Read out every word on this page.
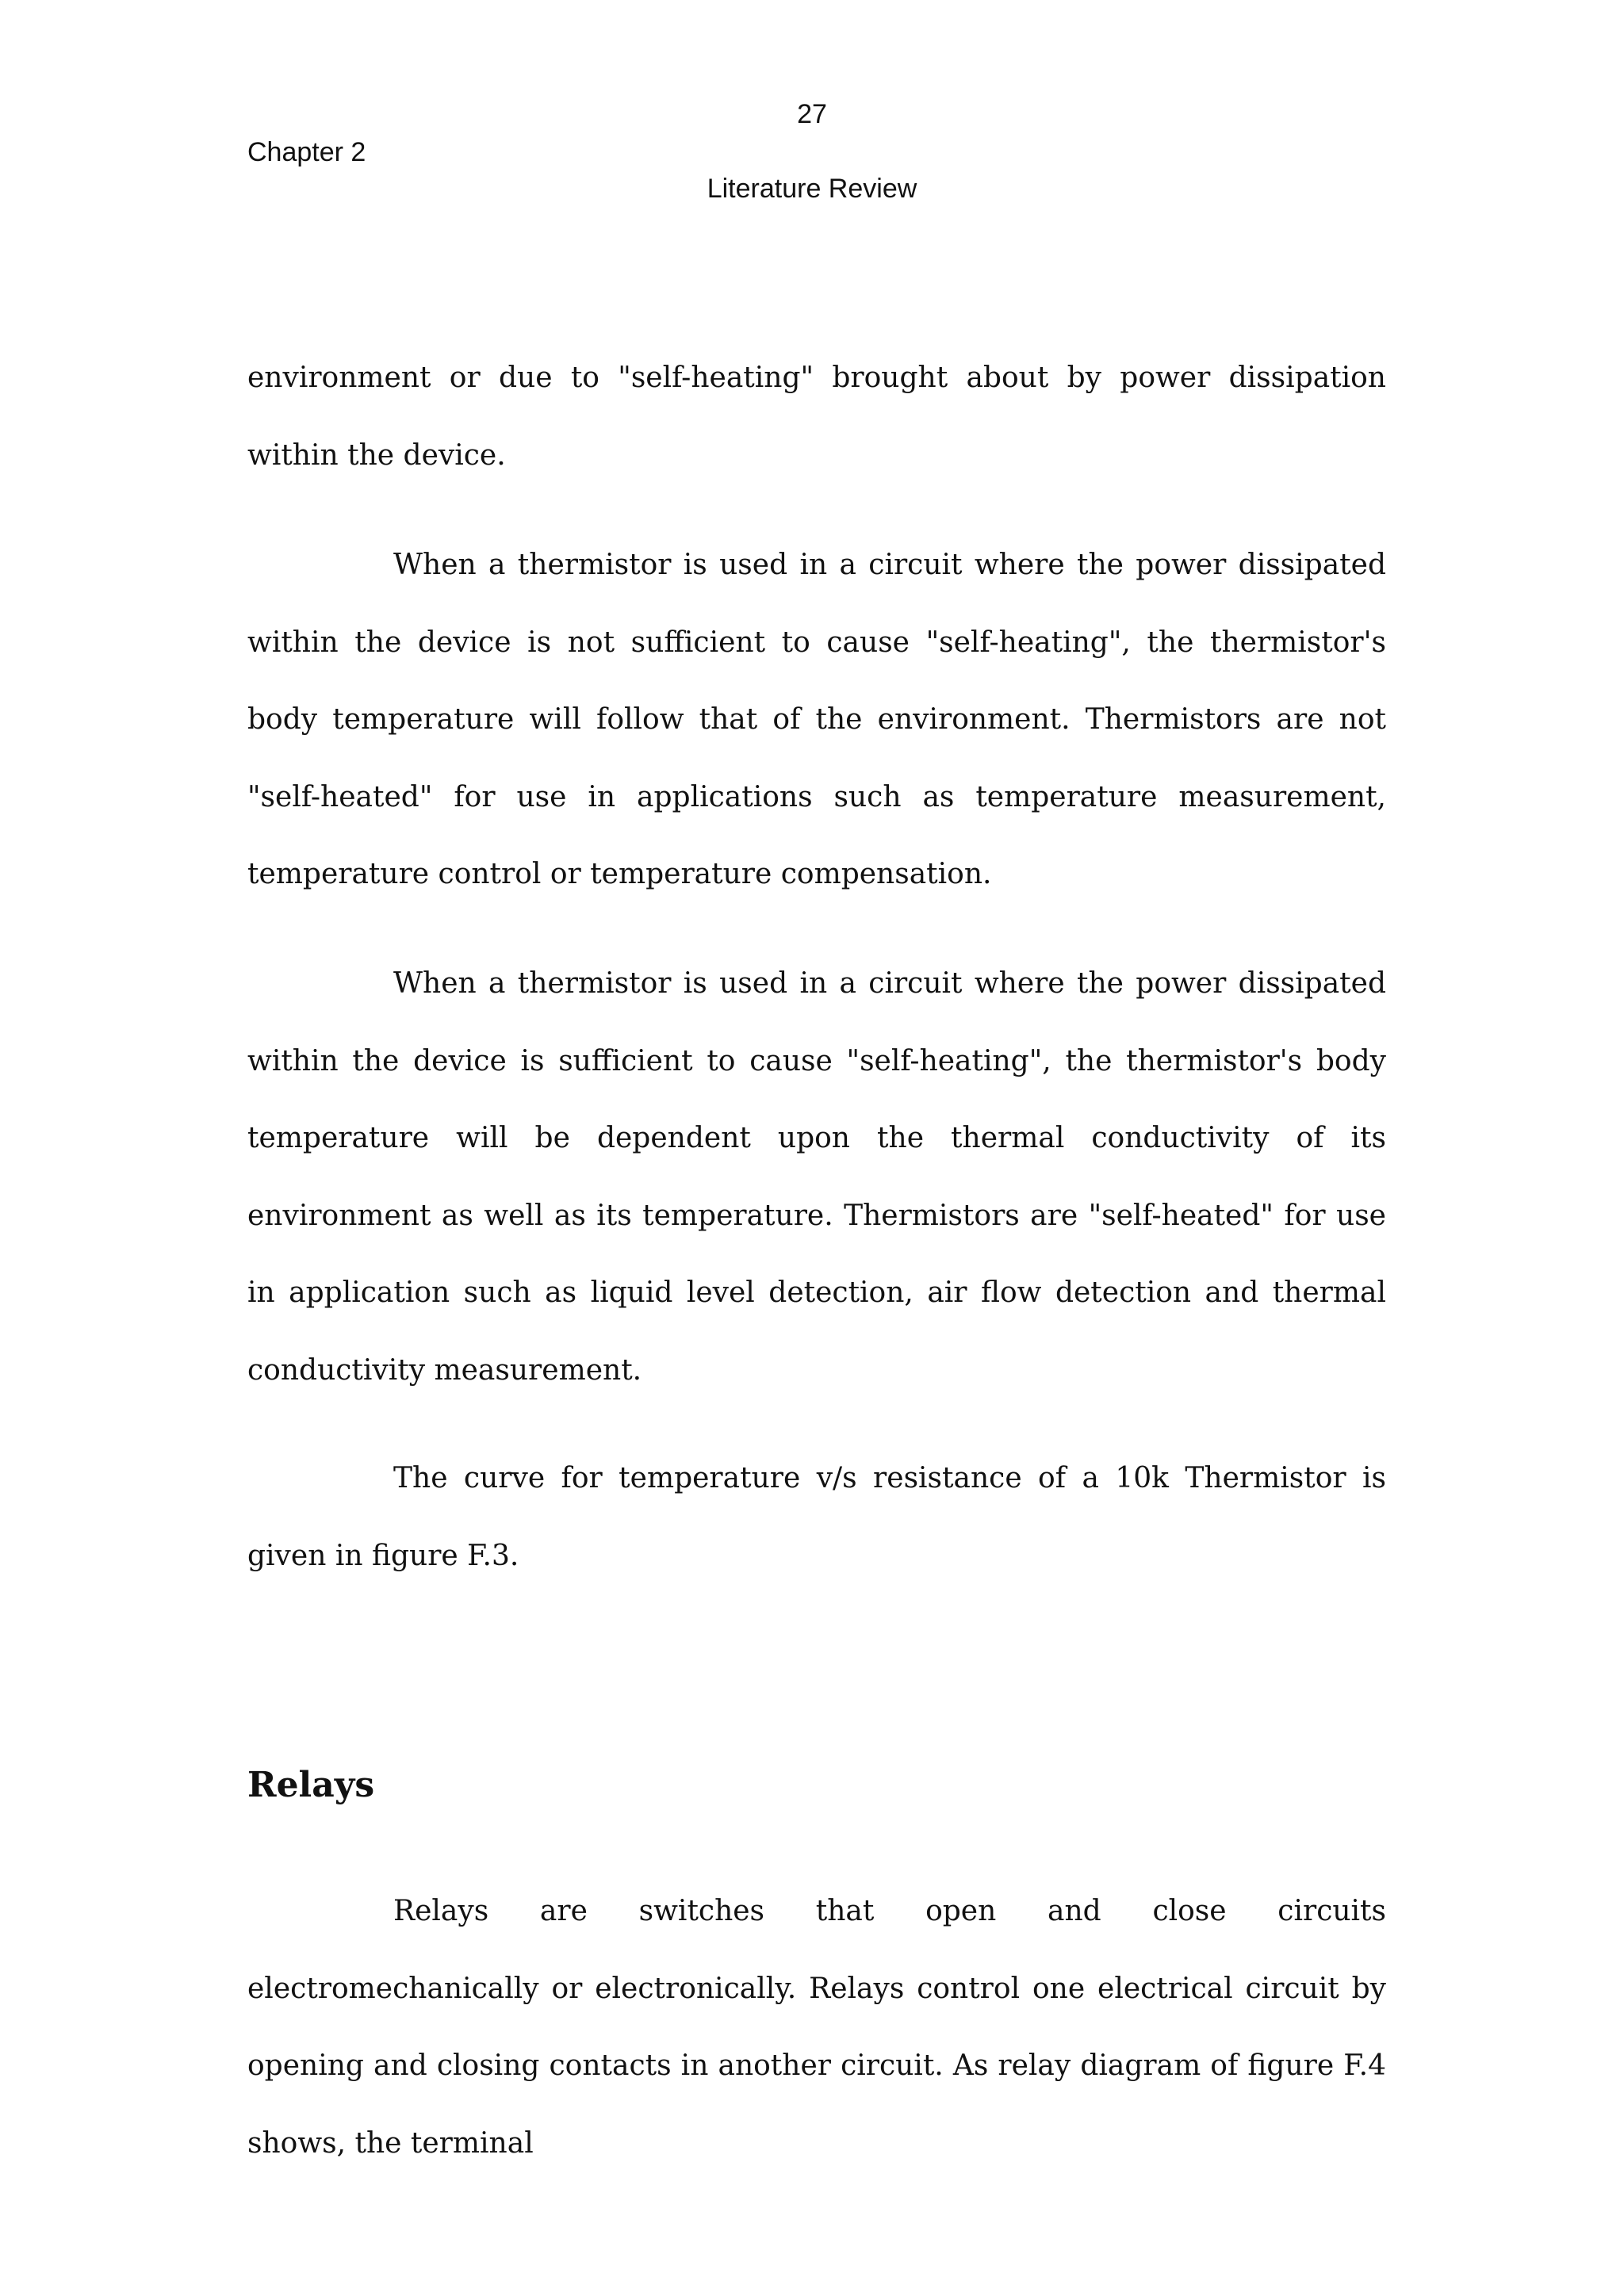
27
Chapter 2
Literature Review

environment or due to "self-heating" brought about by power dissipation within the device.

When a thermistor is used in a circuit where the power dissipated within the device is not sufficient to cause "self-heating", the thermistor's body temperature will follow that of the environment. Thermistors are not "self-heated" for use in applications such as temperature measurement, temperature control or temperature compensation.

When a thermistor is used in a circuit where the power dissipated within the device is sufficient to cause "self-heating", the thermistor's body temperature will be dependent upon the thermal conductivity of its environment as well as its temperature. Thermistors are "self-heated" for use in application such as liquid level detection, air flow detection and thermal conductivity measurement.

The curve for temperature v/s resistance of a 10k Thermistor is given in figure F.3.

Relays

Relays are switches that open and close circuits electromechanically or electronically. Relays control one electrical circuit by opening and closing contacts in another circuit. As relay diagram of figure F.4 shows, the terminal
